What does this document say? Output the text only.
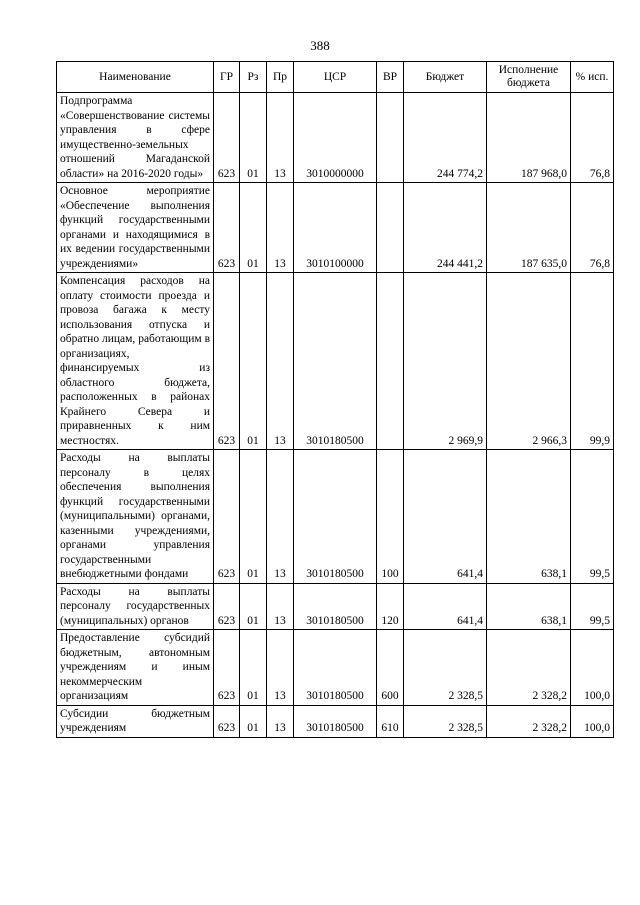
388
Наименование	ГР	Рз	Пр	ЦСР	ВР	Бюджет	Исполнение бюджета	% исп.
Подпрограмма «Совершенствование системы управления в сфере имущественно-земельных отношений Магаданской области» на 2016-2020 годы»	623	01	13	3010000000		244 774,2	187 968,0	76,8
Основное мероприятие «Обеспечение выполнения функций государственными органами и находящимися в их ведении государственными учреждениями»	623	01	13	3010100000		244 441,2	187 635,0	76,8
Компенсация расходов на оплату стоимости проезда и провоза багажа к месту использования отпуска и обратно лицам, работающим в организациях, финансируемых из областного бюджета, расположенных в районах Крайнего Севера и приравненных к ним местностях.	623	01	13	3010180500		2 969,9	2 966,3	99,9
Расходы на выплаты персоналу в целях обеспечения выполнения функций государственными (муниципальными) органами, казенными учреждениями, органами управления государственными внебюджетными фондами	623	01	13	3010180500	100	641,4	638,1	99,5
Расходы на выплаты персоналу государственных (муниципальных) органов	623	01	13	3010180500	120	641,4	638,1	99,5
Предоставление субсидий бюджетным, автономным учреждениям и иным некоммерческим организациям	623	01	13	3010180500	600	2 328,5	2 328,2	100,0
Субсидии бюджетным учреждениям	623	01	13	3010180500	610	2 328,5	2 328,2	100,0
